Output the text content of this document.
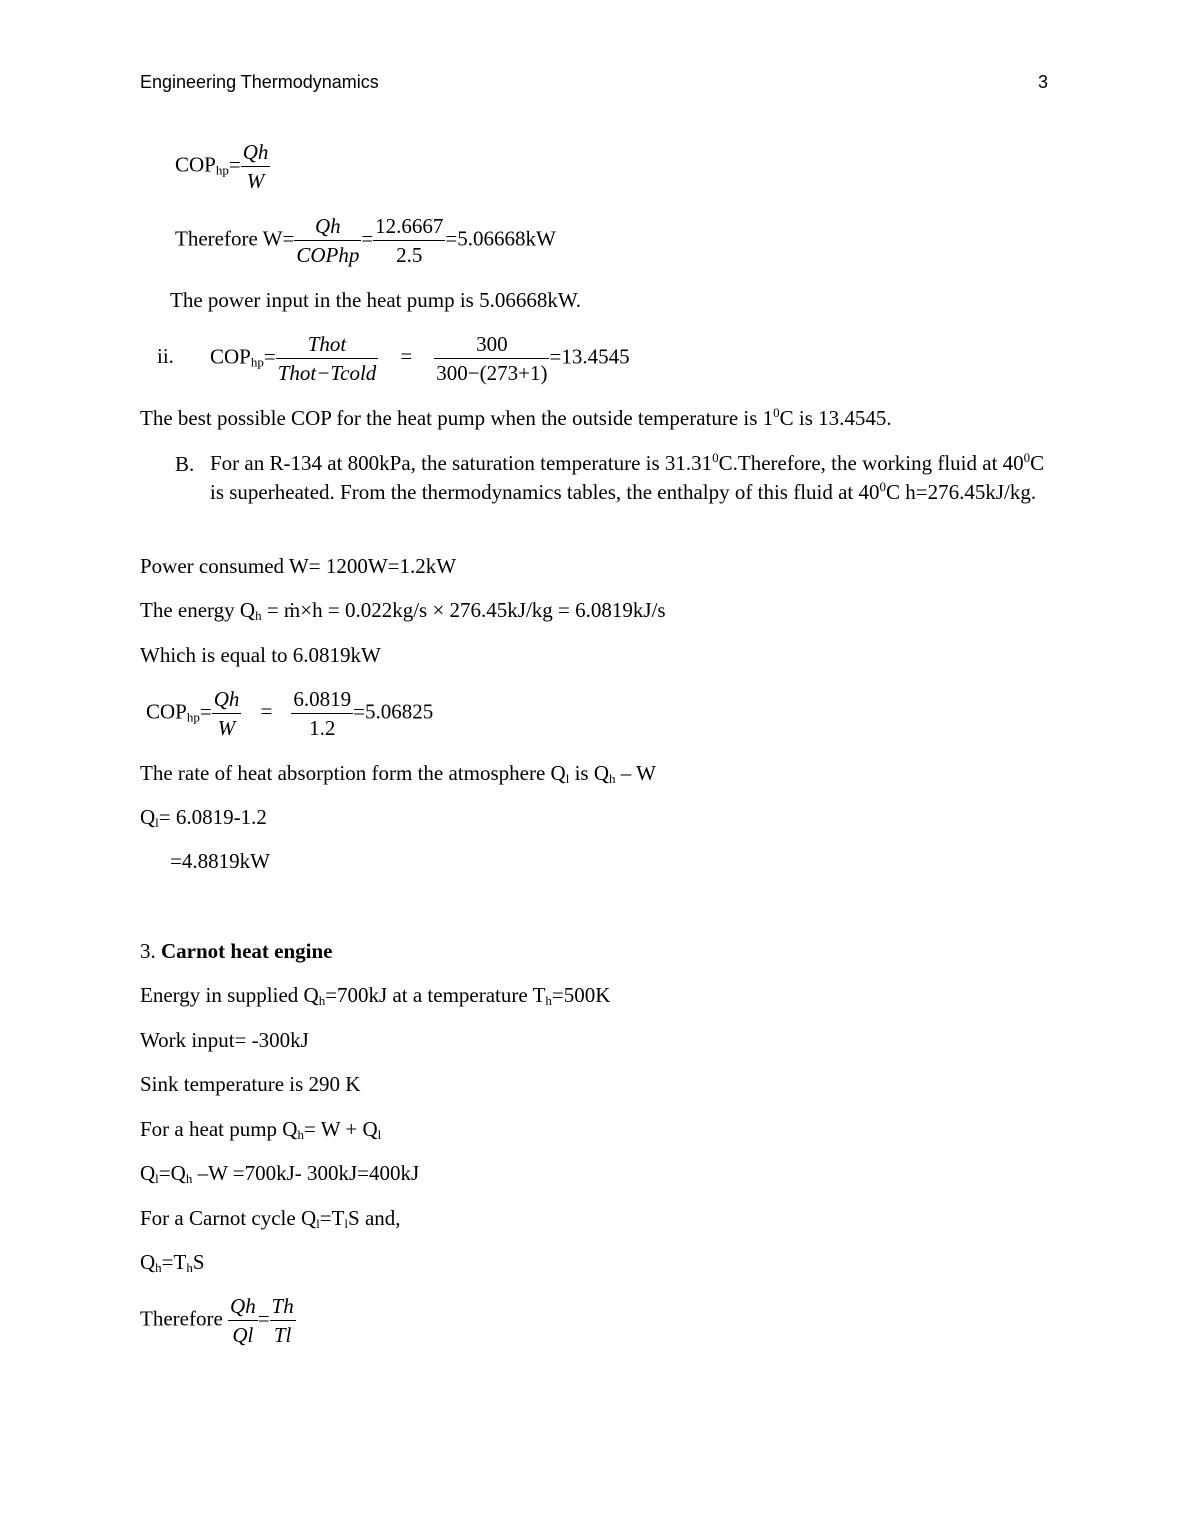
Engineering Thermodynamics	3
$COP_{hp}= \frac{Qh}{W}$
Therefore $W= \frac{Qh}{\text{COPhp}} = \frac{12.6667}{2.5} =5.06668kW$
The power input in the heat pump is 5.06668kW.
ii. $COP_{hp}= \frac{\text{Thot}}{\text{Thot−Tcold}} = \frac{300}{300-(273+1)} =13.4545$
The best possible COP for the heat pump when the outside temperature is $1^0C$ is 13.4545.
B. For an R-134 at 800kPa, the saturation temperature is 31.31$^0$C.Therefore, the working fluid at $40^0C$ is superheated. From the thermodynamics tables, the enthalpy of this fluid at $40^0C$ h=276.45kJ/kg.
Power consumed W= 1200W=1.2kW
The energy $Q_h$ = ṁ×h = 0.022kg/s × 276.45kJ/kg = 6.0819kJ/s
Which is equal to 6.0819kW
$COP_{hp}= \frac{Qh}{W} = \frac{6.0819}{1.2} =5.06825$
The rate of heat absorption form the atmosphere $Q_l$ is $Q_h$ – W
$Q_l= 6.0819-1.2$
=4.8819kW
3. Carnot heat engine
Energy in supplied $Q_h=700kJ$ at a temperature $T_h=500K$
Work input= -300kJ
Sink temperature is 290 K
For a heat pump $Q_h= W + Q_l$
$Q_l=Q_h$ –W =700kJ- 300kJ=400kJ
For a Carnot cycle $Q_l=T_lS$ and,
$Q_h=T_hS$
Therefore $\frac{Qh}{Ql} = \frac{Th}{Tl}$
